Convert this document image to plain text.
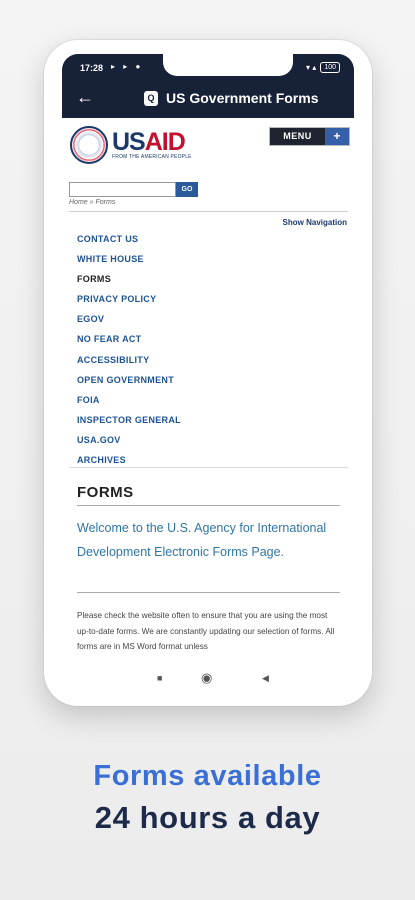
17:28 ▸ ▸ ●	▾ ▴	100
←	Q US Government Forms
USAID
FROM THE AMERICAN PEOPLE
MENU	+
GO
Home » Forms
Show Navigation
CONTACT US
WHITE HOUSE
FORMS
PRIVACY POLICY
EGOV
NO FEAR ACT
ACCESSIBILITY
OPEN GOVERNMENT
FOIA
INSPECTOR GENERAL
USA.GOV
ARCHIVES
FORMS
Welcome to the U.S. Agency for International Development Electronic Forms Page.
Please check the website often to ensure that you are using the most up-to-date forms. We are constantly updating our selection of forms. All forms are in MS Word format unless
■	◉	◀
Forms available
24 hours a day
